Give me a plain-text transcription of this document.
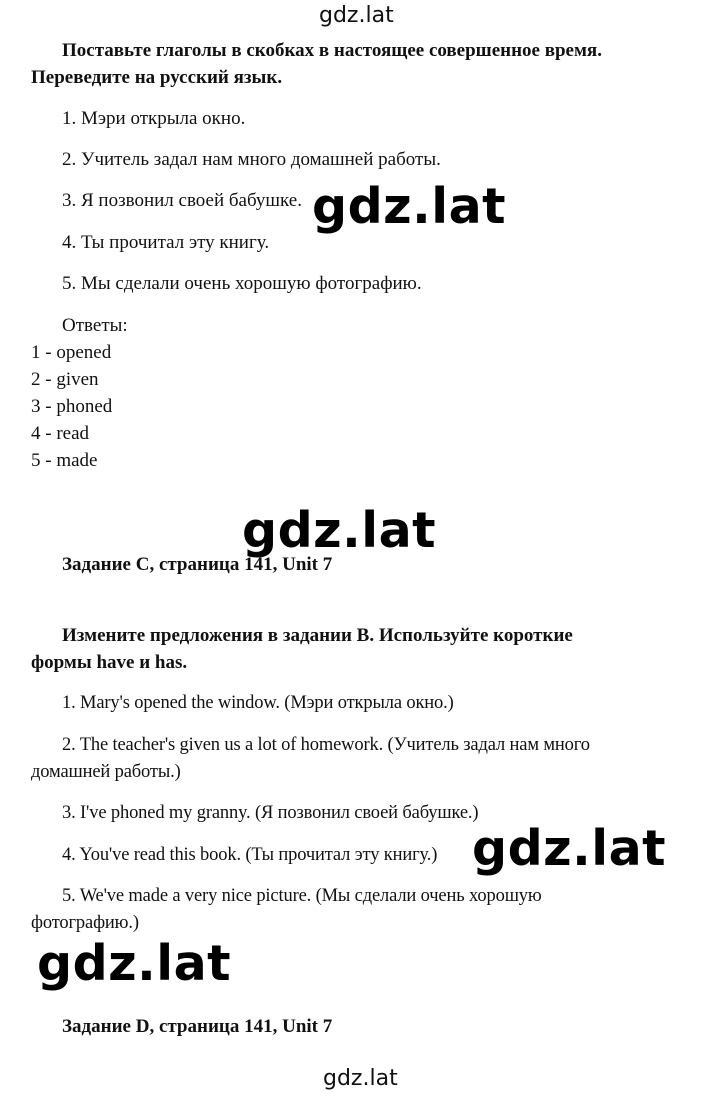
gdz.lat
Поставьте глаголы в скобках в настоящее совершенное время.
Переведите на русский язык.
1. Мэри открыла окно.
2. Учитель задал нам много домашней работы.
3. Я позвонил своей бабушке.
4. Ты прочитал эту книгу.
5. Мы сделали очень хорошую фотографию.
Ответы:
1 - opened
2 - given
3 - phoned
4 - read
5 - made
Задание C, страница 141, Unit 7
Измените предложения в задании B. Используйте короткие
формы have и has.
1. Mary's opened the window. (Мэри открыла окно.)
2. The teacher's given us a lot of homework. (Учитель задал нам много
домашней работы.)
3. I've phoned my granny. (Я позвонил своей бабушке.)
4. You've read this book. (Ты прочитал эту книгу.)
5. We've made a very nice picture. (Мы сделали очень хорошую
фотографию.)
Задание D, страница 141, Unit 7
gdz.lat
gdz.lat
gdz.lat
gdz.lat
gdz.lat
